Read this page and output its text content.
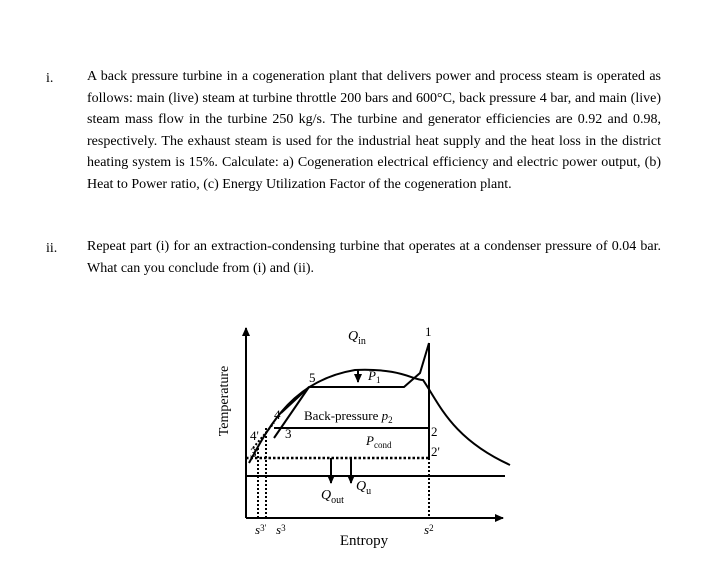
i. A back pressure turbine in a cogeneration plant that delivers power and process steam is operated as follows: main (live) steam at turbine throttle 200 bars and 600°C, back pressure 4 bar, and main (live) steam mass flow in the turbine 250 kg/s. The turbine and generator efficiencies are 0.92 and 0.98, respectively. The exhaust steam is used for the industrial heat supply and the heat loss in the district heating system is 15%. Calculate: a) Cogeneration electrical efficiency and electric power output, (b) Heat to Power ratio, (c) Energy Utilization Factor of the cogeneration plant.
ii. Repeat part (i) for an extraction-condensing turbine that operates at a condenser pressure of 0.04 bar. What can you conclude from (i) and (ii).
Temperature
Entropy
$Q_{in}$
$Q_{out}$
$Q_u$
$P_1$
Back-pressure $p_2$
$P_{cond}$
1
2
2'
3
3'
4
4'
5
$s^{3'}$ $s^3$	$s^2$
